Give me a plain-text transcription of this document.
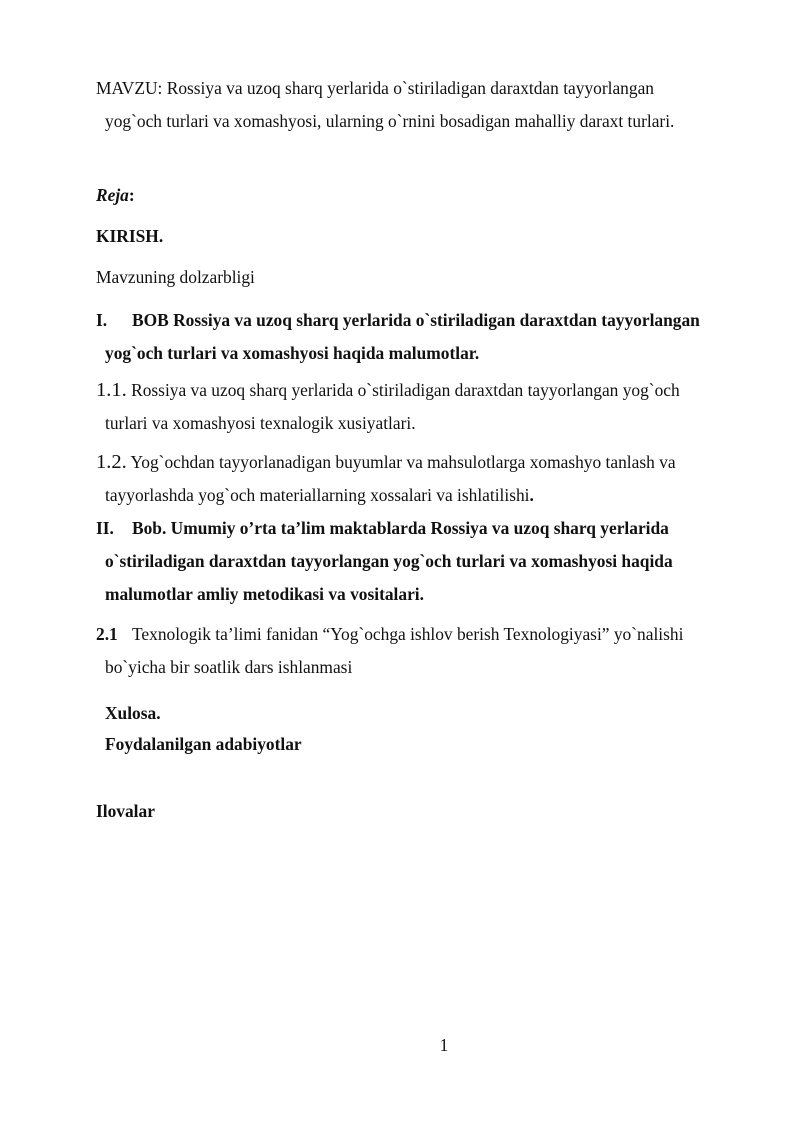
MAVZU: Rossiya va uzoq sharq yerlarida o`stiriladigan daraxtdan tayyorlangan
yog`och turlari va xomashyosi, ularning o`rnini bosadigan mahalliy daraxt turlari.
Reja:
KIRISH.
Mavzuning dolzarbligi
I. BOB Rossiya va uzoq sharq yerlarida o`stiriladigan daraxtdan tayyorlangan
yog`och turlari va xomashyosi haqida malumotlar.
1.1. Rossiya va uzoq sharq yerlarida o`stiriladigan daraxtdan tayyorlangan yog`och
turlari va xomashyosi texnalogik xusiyatlari.
1.2. Yog`ochdan tayyorlanadigan buyumlar va mahsulotlarga xomashyo tanlash va
tayyorlashda yog`och materiallarning xossalari va ishlatilishi.
II. Bob. Umumiy o’rta ta’lim maktablarda Rossiya va uzoq sharq yerlarida
o`stiriladigan daraxtdan tayyorlangan yog`och turlari va xomashyosi haqida
malumotlar amliy metodikasi va vositalari.
2.1 Texnologik ta’limi fanidan “Yog`ochga ishlov berish Texnologiyasi” yo`nalishi
bo`yicha bir soatlik dars ishlanmasi
Xulosa.
Foydalanilgan adabiyotlar
Ilovalar
1
